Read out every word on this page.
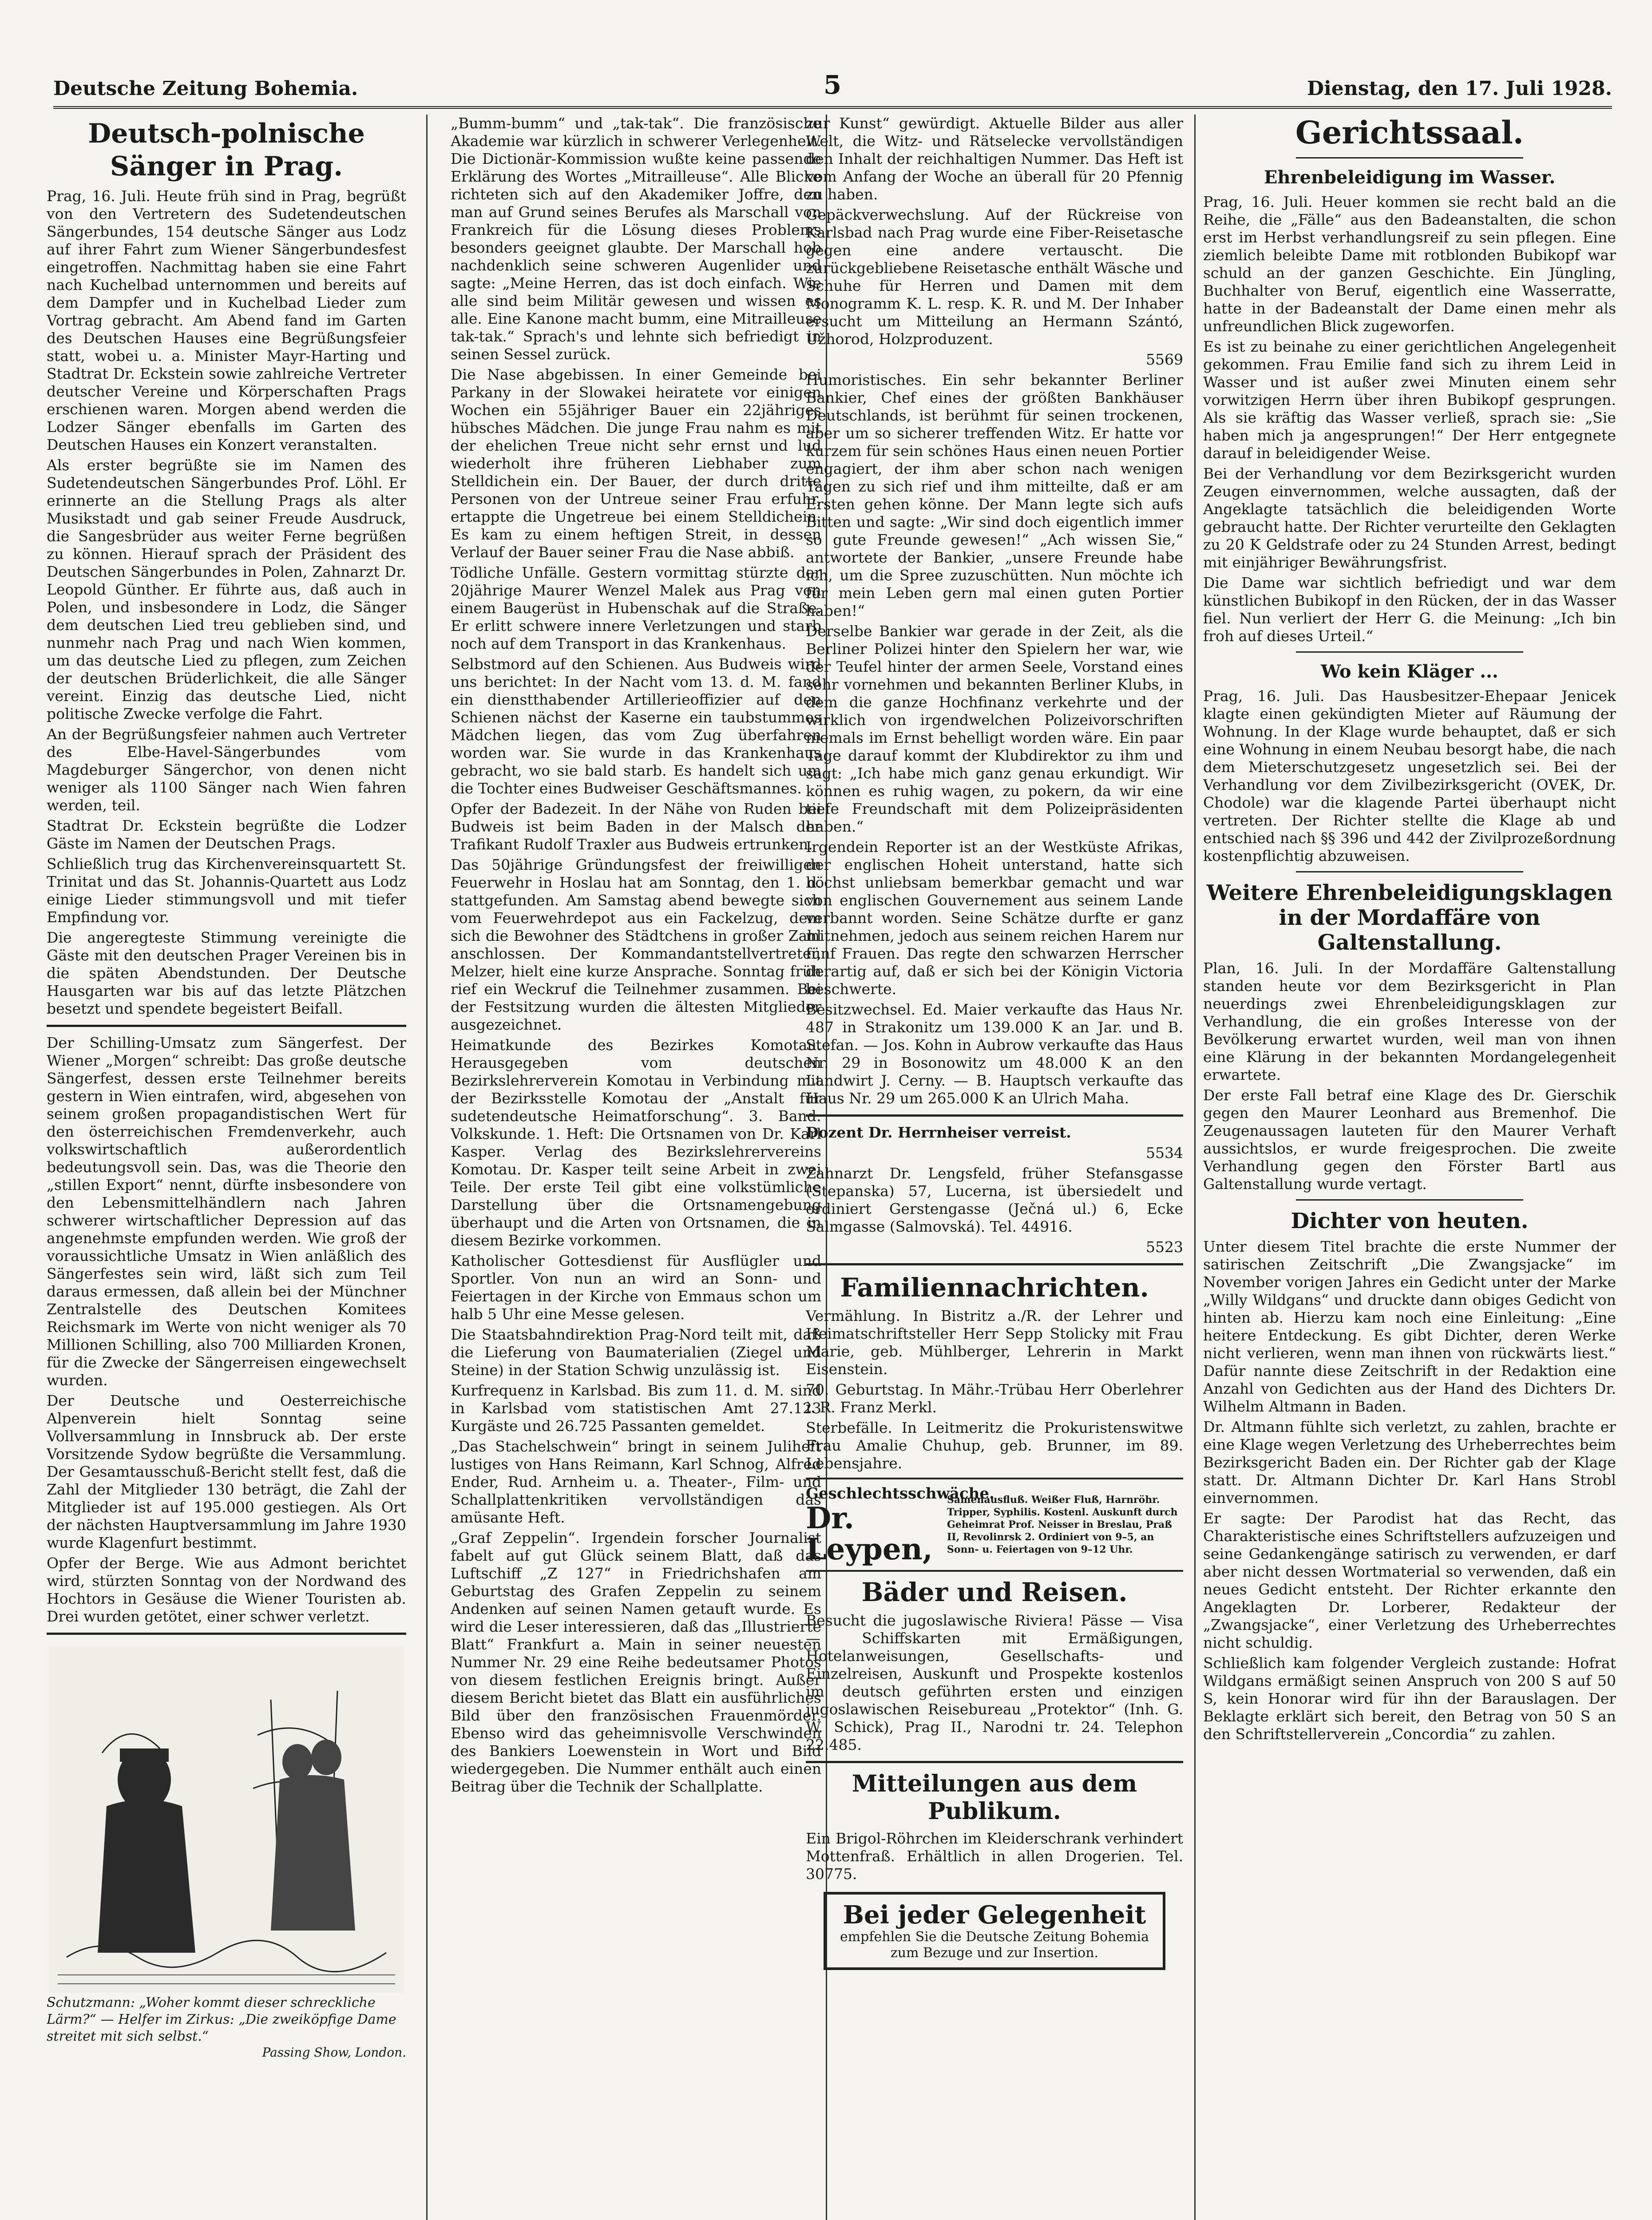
Deutsche Zeitung Bohemia.	5	Dienstag, den 17. Juli 1928.
Deutsch-polnische Sänger in Prag.

Prag, 16. Juli. Heute früh sind in Prag, begrüßt von den Vertretern des Sudetendeutschen Sängerbundes, 154 deutsche Sänger aus Lodz auf ihrer Fahrt zum Wiener Sängerbundesfest eingetroffen. Nachmittag haben sie eine Fahrt nach Kuchelbad unternommen und bereits auf dem Dampfer und in Kuchelbad Lieder zum Vortrag gebracht. Am Abend fand im Garten des Deutschen Hauses eine Begrüßungsfeier statt, wobei u. a. Minister Mayr-Harting und Stadtrat Dr. Eckstein sowie zahlreiche Vertreter deutscher Vereine und Körperschaften Prags erschienen waren. Morgen abend werden die Lodzer Sänger ebenfalls im Garten des Deutschen Hauses ein Konzert veranstalten.

Als erster begrüßte sie im Namen des Sudetendeutschen Sängerbundes Prof. Löhl. Er erinnerte an die Stellung Prags als alter Musikstadt und gab seiner Freude Ausdruck, die Sangesbrüder aus weiter Ferne begrüßen zu können. Hierauf sprach der Präsident des Deutschen Sängerbundes in Polen, Zahnarzt Dr. Leopold Günther. Er führte aus, daß auch in Polen, und insbesondere in Lodz, die Sänger dem deutschen Lied treu geblieben sind, und nunmehr nach Prag und nach Wien kommen, um das deutsche Lied zu pflegen, zum Zeichen der deutschen Brüderlichkeit, die alle Sänger vereint. Einzig das deutsche Lied, nicht politische Zwecke verfolge die Fahrt.

An der Begrüßungsfeier nahmen auch Vertreter des Elbe-Havel-Sängerbundes vom Magdeburger Sängerchor, von denen nicht weniger als 1100 Sänger nach Wien fahren werden, teil.

Stadtrat Dr. Eckstein begrüßte die Lodzer Gäste im Namen der Deutschen Prags.

Schließlich trug das Kirchenvereinsquartett St. Trinitat und das St. Johannis-Quartett aus Lodz einige Lieder stimmungsvoll und mit tiefer Empfindung vor.

Die angeregteste Stimmung vereinigte die Gäste mit den deutschen Prager Vereinen bis in die späten Abendstunden. Der Deutsche Hausgarten war bis auf das letzte Plätzchen besetzt und spendete begeistert Beifall.

Der Schilling-Umsatz zum Sängerfest. Der Wiener „Morgen“ schreibt: Das große deutsche Sängerfest, dessen erste Teilnehmer bereits gestern in Wien eintrafen, wird, abgesehen von seinem großen propagandistischen Wert für den österreichischen Fremdenverkehr, auch volkswirtschaftlich außerordentlich bedeutungsvoll sein. Das, was die Theorie den „stillen Export“ nennt, dürfte insbesondere von den Lebensmittelhändlern nach Jahren schwerer wirtschaftlicher Depression auf das angenehmste empfunden werden. Wie groß der voraussichtliche Umsatz in Wien anläßlich des Sängerfestes sein wird, läßt sich zum Teil daraus ermessen, daß allein bei der Münchner Zentralstelle des Deutschen Komitees Reichsmark im Werte von nicht weniger als 70 Millionen Schilling, also 700 Milliarden Kronen, für die Zwecke der Sängerreisen eingewechselt wurden.

Der Deutsche und Oesterreichische Alpenverein hielt Sonntag seine Vollversammlung in Innsbruck ab. Der erste Vorsitzende Sydow begrüßte die Versammlung. Der Gesamtausschuß-Bericht stellt fest, daß die Zahl der Mitglieder 130 beträgt, die Zahl der Mitglieder ist auf 195.000 gestiegen. Als Ort der nächsten Hauptversammlung im Jahre 1930 wurde Klagenfurt bestimmt.

Opfer der Berge. Wie aus Admont berichtet wird, stürzten Sonntag von der Nordwand des Hochtors in Gesäuse die Wiener Touristen ab. Drei wurden getötet, einer schwer verletzt.

Schutzmann: „Woher kommt dieser schreckliche Lärm?“ — Helfer im Zirkus: „Die zweiköpfige Dame streitet mit sich selbst.“
Passing Show, London.

„Bumm-bumm“ und „tak-tak“. Die französische Akademie war kürzlich in schwerer Verlegenheit. Die Dictionär-Kommission wußte keine passende Erklärung des Wortes „Mitrailleuse“. Alle Blicke richteten sich auf den Akademiker Joffre, den man auf Grund seines Berufes als Marschall von Frankreich für die Lösung dieses Problems besonders geeignet glaubte. Der Marschall hob nachdenklich seine schweren Augenlider und sagte: „Meine Herren, das ist doch einfach. Wie alle sind beim Militär gewesen und wissen es alle. Eine Kanone macht bumm, eine Mitrailleuse tak-tak.“ Sprach's und lehnte sich befriedigt in seinen Sessel zurück.

Die Nase abgebissen. In einer Gemeinde bei Parkany in der Slowakei heiratete vor einigen Wochen ein 55jähriger Bauer ein 22jähriges hübsches Mädchen. Die junge Frau nahm es mit der ehelichen Treue nicht sehr ernst und lud wiederholt ihre früheren Liebhaber zum Stelldichein ein. Der Bauer, der durch dritte Personen von der Untreue seiner Frau erfuhr, ertappte die Ungetreue bei einem Stelldichein. Es kam zu einem heftigen Streit, in dessen Verlauf der Bauer seiner Frau die Nase abbiß.

Tödliche Unfälle. Gestern vormittag stürzte der 20jährige Maurer Wenzel Malek aus Prag von einem Baugerüst in Hubenschak auf die Straße. Er erlitt schwere innere Verletzungen und starb noch auf dem Transport in das Krankenhaus.

Selbstmord auf den Schienen. Aus Budweis wird uns berichtet: In der Nacht vom 13. d. M. fand ein dienstthabender Artillerieoffizier auf den Schienen nächst der Kaserne ein taubstummes Mädchen liegen, das vom Zug überfahren worden war. Sie wurde in das Krankenhaus gebracht, wo sie bald starb. Es handelt sich um die Tochter eines Budweiser Geschäftsmannes.

Opfer der Badezeit. In der Nähe von Ruden bei Budweis ist beim Baden in der Malsch der Trafikant Rudolf Traxler aus Budweis ertrunken.

Das 50jährige Gründungsfest der freiwilligen Feuerwehr in Hoslau hat am Sonntag, den 1. d. stattgefunden. Am Samstag abend bewegte sich vom Feuerwehrdepot aus ein Fackelzug, dem sich die Bewohner des Städtchens in großer Zahl anschlossen. Der Kommandantstellvertreter, Melzer, hielt eine kurze Ansprache. Sonntag früh rief ein Weckruf die Teilnehmer zusammen. Bei der Festsitzung wurden die ältesten Mitglieder ausgezeichnet.

Heimatkunde des Bezirkes Komotau. Herausgegeben vom deutschen Bezirkslehrerverein Komotau in Verbindung mit der Bezirksstelle Komotau der „Anstalt für sudetendeutsche Heimatforschung“. 3. Band: Volkskunde. 1. Heft: Die Ortsnamen von Dr. Karl Kasper. Verlag des Bezirkslehrervereins Komotau. Dr. Kasper teilt seine Arbeit in zwei Teile. Der erste Teil gibt eine volkstümliche Darstellung über die Ortsnamengebung überhaupt und die Arten von Ortsnamen, die in diesem Bezirke vorkommen.

Katholischer Gottesdienst für Ausflügler und Sportler. Von nun an wird an Sonn- und Feiertagen in der Kirche von Emmaus schon um halb 5 Uhr eine Messe gelesen.

Die Staatsbahndirektion Prag-Nord teilt mit, daß die Lieferung von Baumaterialien (Ziegel und Steine) in der Station Schwig unzulässig ist.

Kurfrequenz in Karlsbad. Bis zum 11. d. M. sind in Karlsbad vom statistischen Amt 27.123 Kurgäste und 26.725 Passanten gemeldet.

„Das Stachelschwein“ bringt in seinem Juliheft lustiges von Hans Reimann, Karl Schnog, Alfred Ender, Rud. Arnheim u. a. Theater-, Film- und Schallplattenkritiken vervollständigen das amüsante Heft.

„Graf Zeppelin“. Irgendein forscher Journalist fabelt auf gut Glück seinem Blatt, daß das Luftschiff „Z 127“ in Friedrichshafen am Geburtstag des Grafen Zeppelin zu seinem Andenken auf seinen Namen getauft wurde. Es wird die Leser interessieren, daß das „Illustrierte Blatt“ Frankfurt a. Main in seiner neuesten Nummer Nr. 29 eine Reihe bedeutsamer Photos von diesem festlichen Ereignis bringt. Außer diesem Bericht bietet das Blatt ein ausführliches Bild über den französischen Frauenmörder. Ebenso wird das geheimnisvolle Verschwinden des Bankiers Loewenstein in Wort und Bild wiedergegeben. Die Nummer enthält auch einen Beitrag über die Technik der Schallplatte.

zur Kunst“ gewürdigt. Aktuelle Bilder aus aller Welt, die Witz- und Rätselecke vervollständigen den Inhalt der reichhaltigen Nummer. Das Heft ist vom Anfang der Woche an überall für 20 Pfennig zu haben.

Gepäckverwechslung. Auf der Rückreise von Karlsbad nach Prag wurde eine Fiber-Reisetasche gegen eine andere vertauscht. Die zurückgebliebene Reisetasche enthält Wäsche und Schuhe für Herren und Damen mit dem Monogramm K. L. resp. K. R. und M. Der Inhaber ersucht um Mitteilung an Hermann Szántó, Užhorod, Holzproduzent.

5569

Humoristisches. Ein sehr bekannter Berliner Bankier, Chef eines der größten Bankhäuser Deutschlands, ist berühmt für seinen trockenen, aber um so sicherer treffenden Witz. Er hatte vor kurzem für sein schönes Haus einen neuen Portier engagiert, der ihm aber schon nach wenigen Tagen zu sich rief und ihm mitteilte, daß er am Ersten gehen könne. Der Mann legte sich aufs Bitten und sagte: „Wir sind doch eigentlich immer so gute Freunde gewesen!“ „Ach wissen Sie,“ antwortete der Bankier, „unsere Freunde habe ich, um die Spree zuzuschütten. Nun möchte ich für mein Leben gern mal einen guten Portier haben!“

Derselbe Bankier war gerade in der Zeit, als die Berliner Polizei hinter den Spielern her war, wie der Teufel hinter der armen Seele, Vorstand eines sehr vornehmen und bekannten Berliner Klubs, in dem die ganze Hochfinanz verkehrte und der wirklich von irgendwelchen Polizeivorschriften niemals im Ernst behelligt worden wäre. Ein paar Tage darauf kommt der Klubdirektor zu ihm und sagt: „Ich habe mich ganz genau erkundigt. Wir können es ruhig wagen, zu pokern, da wir eine tiefe Freundschaft mit dem Polizeipräsidenten haben.“

Irgendein Reporter ist an der Westküste Afrikas, der englischen Hoheit unterstand, hatte sich höchst unliebsam bemerkbar gemacht und war von englischen Gouvernement aus seinem Lande verbannt worden. Seine Schätze durfte er ganz mitnehmen, jedoch aus seinem reichen Harem nur fünf Frauen. Das regte den schwarzen Herrscher derartig auf, daß er sich bei der Königin Victoria beschwerte.

Besitzwechsel. Ed. Maier verkaufte das Haus Nr. 487 in Strakonitz um 139.000 K an Jar. und B. Stefan. — Jos. Kohn in Aubrow verkaufte das Haus Nr. 29 in Bosonowitz um 48.000 K an den Landwirt J. Cerny. — B. Hauptsch verkaufte das Haus Nr. 29 um 265.000 K an Ulrich Maha.

Dozent Dr. Herrnheiser verreist.

5534

Zahnarzt Dr. Lengsfeld, früher Stefansgasse (Stepanska) 57, Lucerna, ist übersiedelt und ordiniert Gerstengasse (Ječná ul.) 6, Ecke Salmgasse (Salmovská). Tel. 44916.

5523

Familiennachrichten.

Vermählung. In Bistritz a./R. der Lehrer und Heimatschriftsteller Herr Sepp Stolicky mit Frau Marie, geb. Mühlberger, Lehrerin in Markt Eisenstein.

70. Geburtstag. In Mähr.-Trübau Herr Oberlehrer i. R. Franz Merkl.

Sterbefälle. In Leitmeritz die Prokuristenswitwe Frau Amalie Chuhup, geb. Brunner, im 89. Lebensjahre.

Geschlechtsschwäche.
Dr. Leypen,
Samenausfluß. Weißer Fluß, Harnröhr. Tripper, Syphilis. Kostenl. Auskunft durch Geheimrat Prof. Neisser in Breslau, Praß II, Revolinrsk 2. Ordiniert von 9–5, an Sonn- u. Feiertagen von 9–12 Uhr.
Bäder und Reisen.

Besucht die jugoslawische Riviera! Pässe — Visa — Schiffskarten mit Ermäßigungen, Hotelanweisungen, Gesellschafts- und Einzelreisen, Auskunft und Prospekte kostenlos im deutsch geführten ersten und einzigen jugoslawischen Reisebureau „Protektor“ (Inh. G. W. Schick), Prag II., Narodni tr. 24. Telephon 22.485.

Mitteilungen aus dem Publikum.

Ein Brigol-Röhrchen im Kleiderschrank verhindert Mottenfraß. Erhältlich in allen Drogerien. Tel. 30775.

Bei jeder Gelegenheit
empfehlen Sie die Deutsche Zeitung Bohemia zum Bezuge und zur Insertion.
Gerichtssaal.
Ehrenbeleidigung im Wasser.

Prag, 16. Juli. Heuer kommen sie recht bald an die Reihe, die „Fälle“ aus den Badeanstalten, die schon erst im Herbst verhandlungsreif zu sein pflegen. Eine ziemlich beleibte Dame mit rotblonden Bubikopf war schuld an der ganzen Geschichte. Ein Jüngling, Buchhalter von Beruf, eigentlich eine Wasserratte, hatte in der Badeanstalt der Dame einen mehr als unfreundlichen Blick zugeworfen.

Es ist zu beinahe zu einer gerichtlichen Angelegenheit gekommen. Frau Emilie fand sich zu ihrem Leid in Wasser und ist außer zwei Minuten einem sehr vorwitzigen Herrn über ihren Bubikopf gesprungen. Als sie kräftig das Wasser verließ, sprach sie: „Sie haben mich ja angesprungen!“ Der Herr entgegnete darauf in beleidigender Weise.

Bei der Verhandlung vor dem Bezirksgericht wurden Zeugen einvernommen, welche aussagten, daß der Angeklagte tatsächlich die beleidigenden Worte gebraucht hatte. Der Richter verurteilte den Geklagten zu 20 K Geldstrafe oder zu 24 Stunden Arrest, bedingt mit einjähriger Bewährungsfrist.

Die Dame war sichtlich befriedigt und war dem künstlichen Bubikopf in den Rücken, der in das Wasser fiel. Nun verliert der Herr G. die Meinung: „Ich bin froh auf dieses Urteil.“

Wo kein Kläger ...

Prag, 16. Juli. Das Hausbesitzer-Ehepaar Jenicek klagte einen gekündigten Mieter auf Räumung der Wohnung. In der Klage wurde behauptet, daß er sich eine Wohnung in einem Neubau besorgt habe, die nach dem Mieterschutzgesetz ungesetzlich sei. Bei der Verhandlung vor dem Zivilbezirksgericht (OVEK, Dr. Chodole) war die klagende Partei überhaupt nicht vertreten. Der Richter stellte die Klage ab und entschied nach §§ 396 und 442 der Zivilprozeßordnung kostenpflichtig abzuweisen.

Weitere Ehrenbeleidigungsklagen in der Mordaffäre von Galtenstallung.

Plan, 16. Juli. In der Mordaffäre Galtenstallung standen heute vor dem Bezirksgericht in Plan neuerdings zwei Ehrenbeleidigungsklagen zur Verhandlung, die ein großes Interesse von der Bevölkerung erwartet wurden, weil man von ihnen eine Klärung in der bekannten Mordangelegenheit erwartete.

Der erste Fall betraf eine Klage des Dr. Gierschik gegen den Maurer Leonhard aus Bremenhof. Die Zeugenaussagen lauteten für den Maurer Verhaft aussichtslos, er wurde freigesprochen. Die zweite Verhandlung gegen den Förster Bartl aus Galtenstallung wurde vertagt.

Dichter von heuten.

Unter diesem Titel brachte die erste Nummer der satirischen Zeitschrift „Die Zwangsjacke“ im November vorigen Jahres ein Gedicht unter der Marke „Willy Wildgans“ und druckte dann obiges Gedicht von hinten ab. Hierzu kam noch eine Einleitung: „Eine heitere Entdeckung. Es gibt Dichter, deren Werke nicht verlieren, wenn man ihnen von rückwärts liest.“ Dafür nannte diese Zeitschrift in der Redaktion eine Anzahl von Gedichten aus der Hand des Dichters Dr. Wilhelm Altmann in Baden.

Dr. Altmann fühlte sich verletzt, zu zahlen, brachte er eine Klage wegen Verletzung des Urheberrechtes beim Bezirksgericht Baden ein. Der Richter gab der Klage statt. Dr. Altmann Dichter Dr. Karl Hans Strobl einvernommen.

Er sagte: Der Parodist hat das Recht, das Charakteristische eines Schriftstellers aufzuzeigen und seine Gedankengänge satirisch zu verwenden, er darf aber nicht dessen Wortmaterial so verwenden, daß ein neues Gedicht entsteht. Der Richter erkannte den Angeklagten Dr. Lorberer, Redakteur der „Zwangsjacke“, einer Verletzung des Urheberrechtes nicht schuldig.

Schließlich kam folgender Vergleich zustande: Hofrat Wildgans ermäßigt seinen Anspruch von 200 S auf 50 S, kein Honorar wird für ihn der Barauslagen. Der Beklagte erklärt sich bereit, den Betrag von 50 S an den Schriftstellerverein „Concordia“ zu zahlen.
